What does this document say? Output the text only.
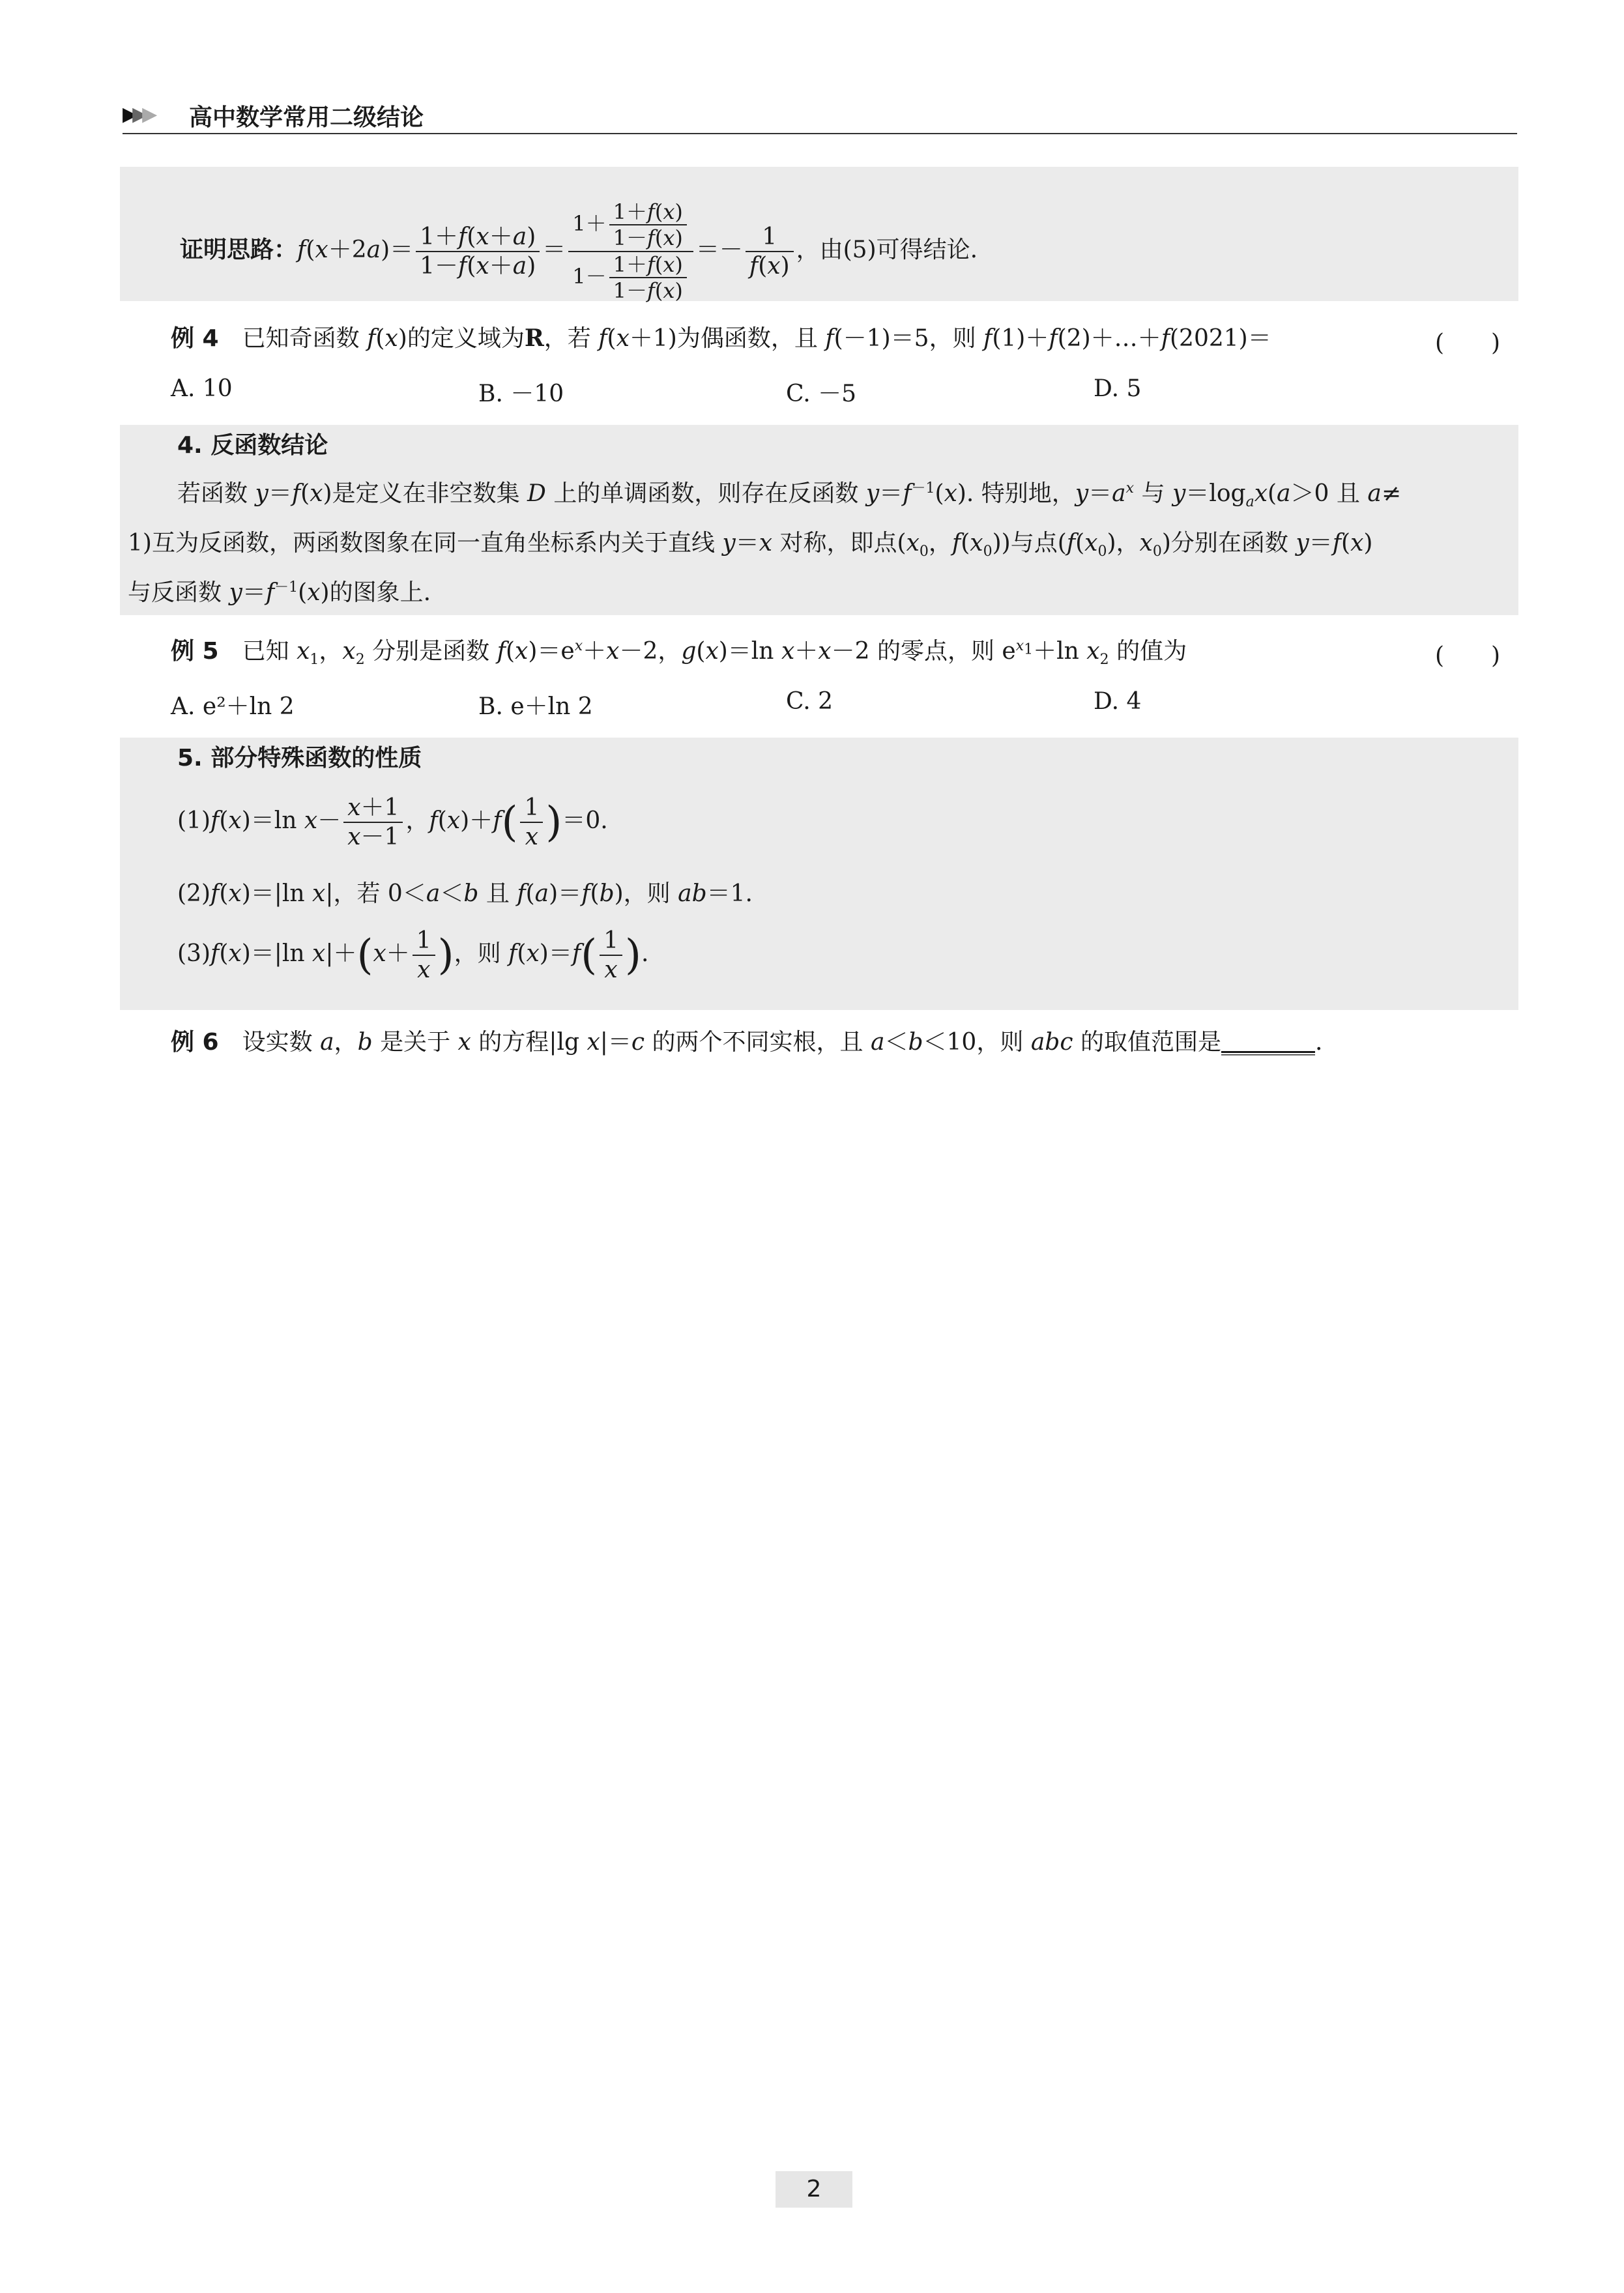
▶▶▶ 高中数学常用二级结论
证明思路：$f(x+2a)= \frac{1+f(x+a)}{1-f(x+a)} = \frac{1+ \frac{1+f(x)}{1-f(x)}}{1- \frac{1+f(x)}{1-f(x)}} =- \frac{1}{f(x)}$ ，由(5)可得结论.
例 4　 已知奇函数 f(x)的定义域为R，若 f(x＋1)为偶函数，且 f(－1)＝5，则 f(1)＋f(2)＋…＋f(2021)＝	(　　)
A. 10	B. －10	C. －5	D. 5
4. 反函数结论
若函数 y＝f(x)是定义在非空数集 D 上的单调函数，则存在反函数 $y=f^{-1}(x)$. 特别地，$y=a^x$ 与 $y=\log_ax(a>0$ 且 a≠
1)互为反函数，两函数图象在同一直角坐标系内关于直线 y＝x 对称，即点($x_0$，$f(x_0)$)与点($f(x_0)$，$x_0$)分别在函数 y＝f(x)
与反函数 $y=f^{-1}(x)$的图象上.
例 5　 已知 $x_1$，$x_2$ 分别是函数 $f(x)=e^x+x-2$，g(x)＝ln x＋x－2 的零点，则 $e^{x_1}+\ln$ $x_2$ 的值为	(　　)
A. e²＋ln 2	B. e＋ln 2	C. 2	D. 4
5. 部分特殊函数的性质
(1)f(x)＝ln $x- \frac{x+1}{x-1}$ ，$f(x)+f( \frac{1}{x} )=0$.
(2)f(x)＝|ln x|，若 0＜a＜b 且 f(a)＝f(b)，则 ab＝1.
(3)f(x)＝|ln $x|+(x+ \frac{1}{x}$ )，则 $f(x)=f( \frac{1}{x}$ ).
例 6　 设实数 a，b 是关于 x 的方程|lg x|＝c 的两个不同实根，且 a＜b＜10，则 abc 的取值范围是________.
2
